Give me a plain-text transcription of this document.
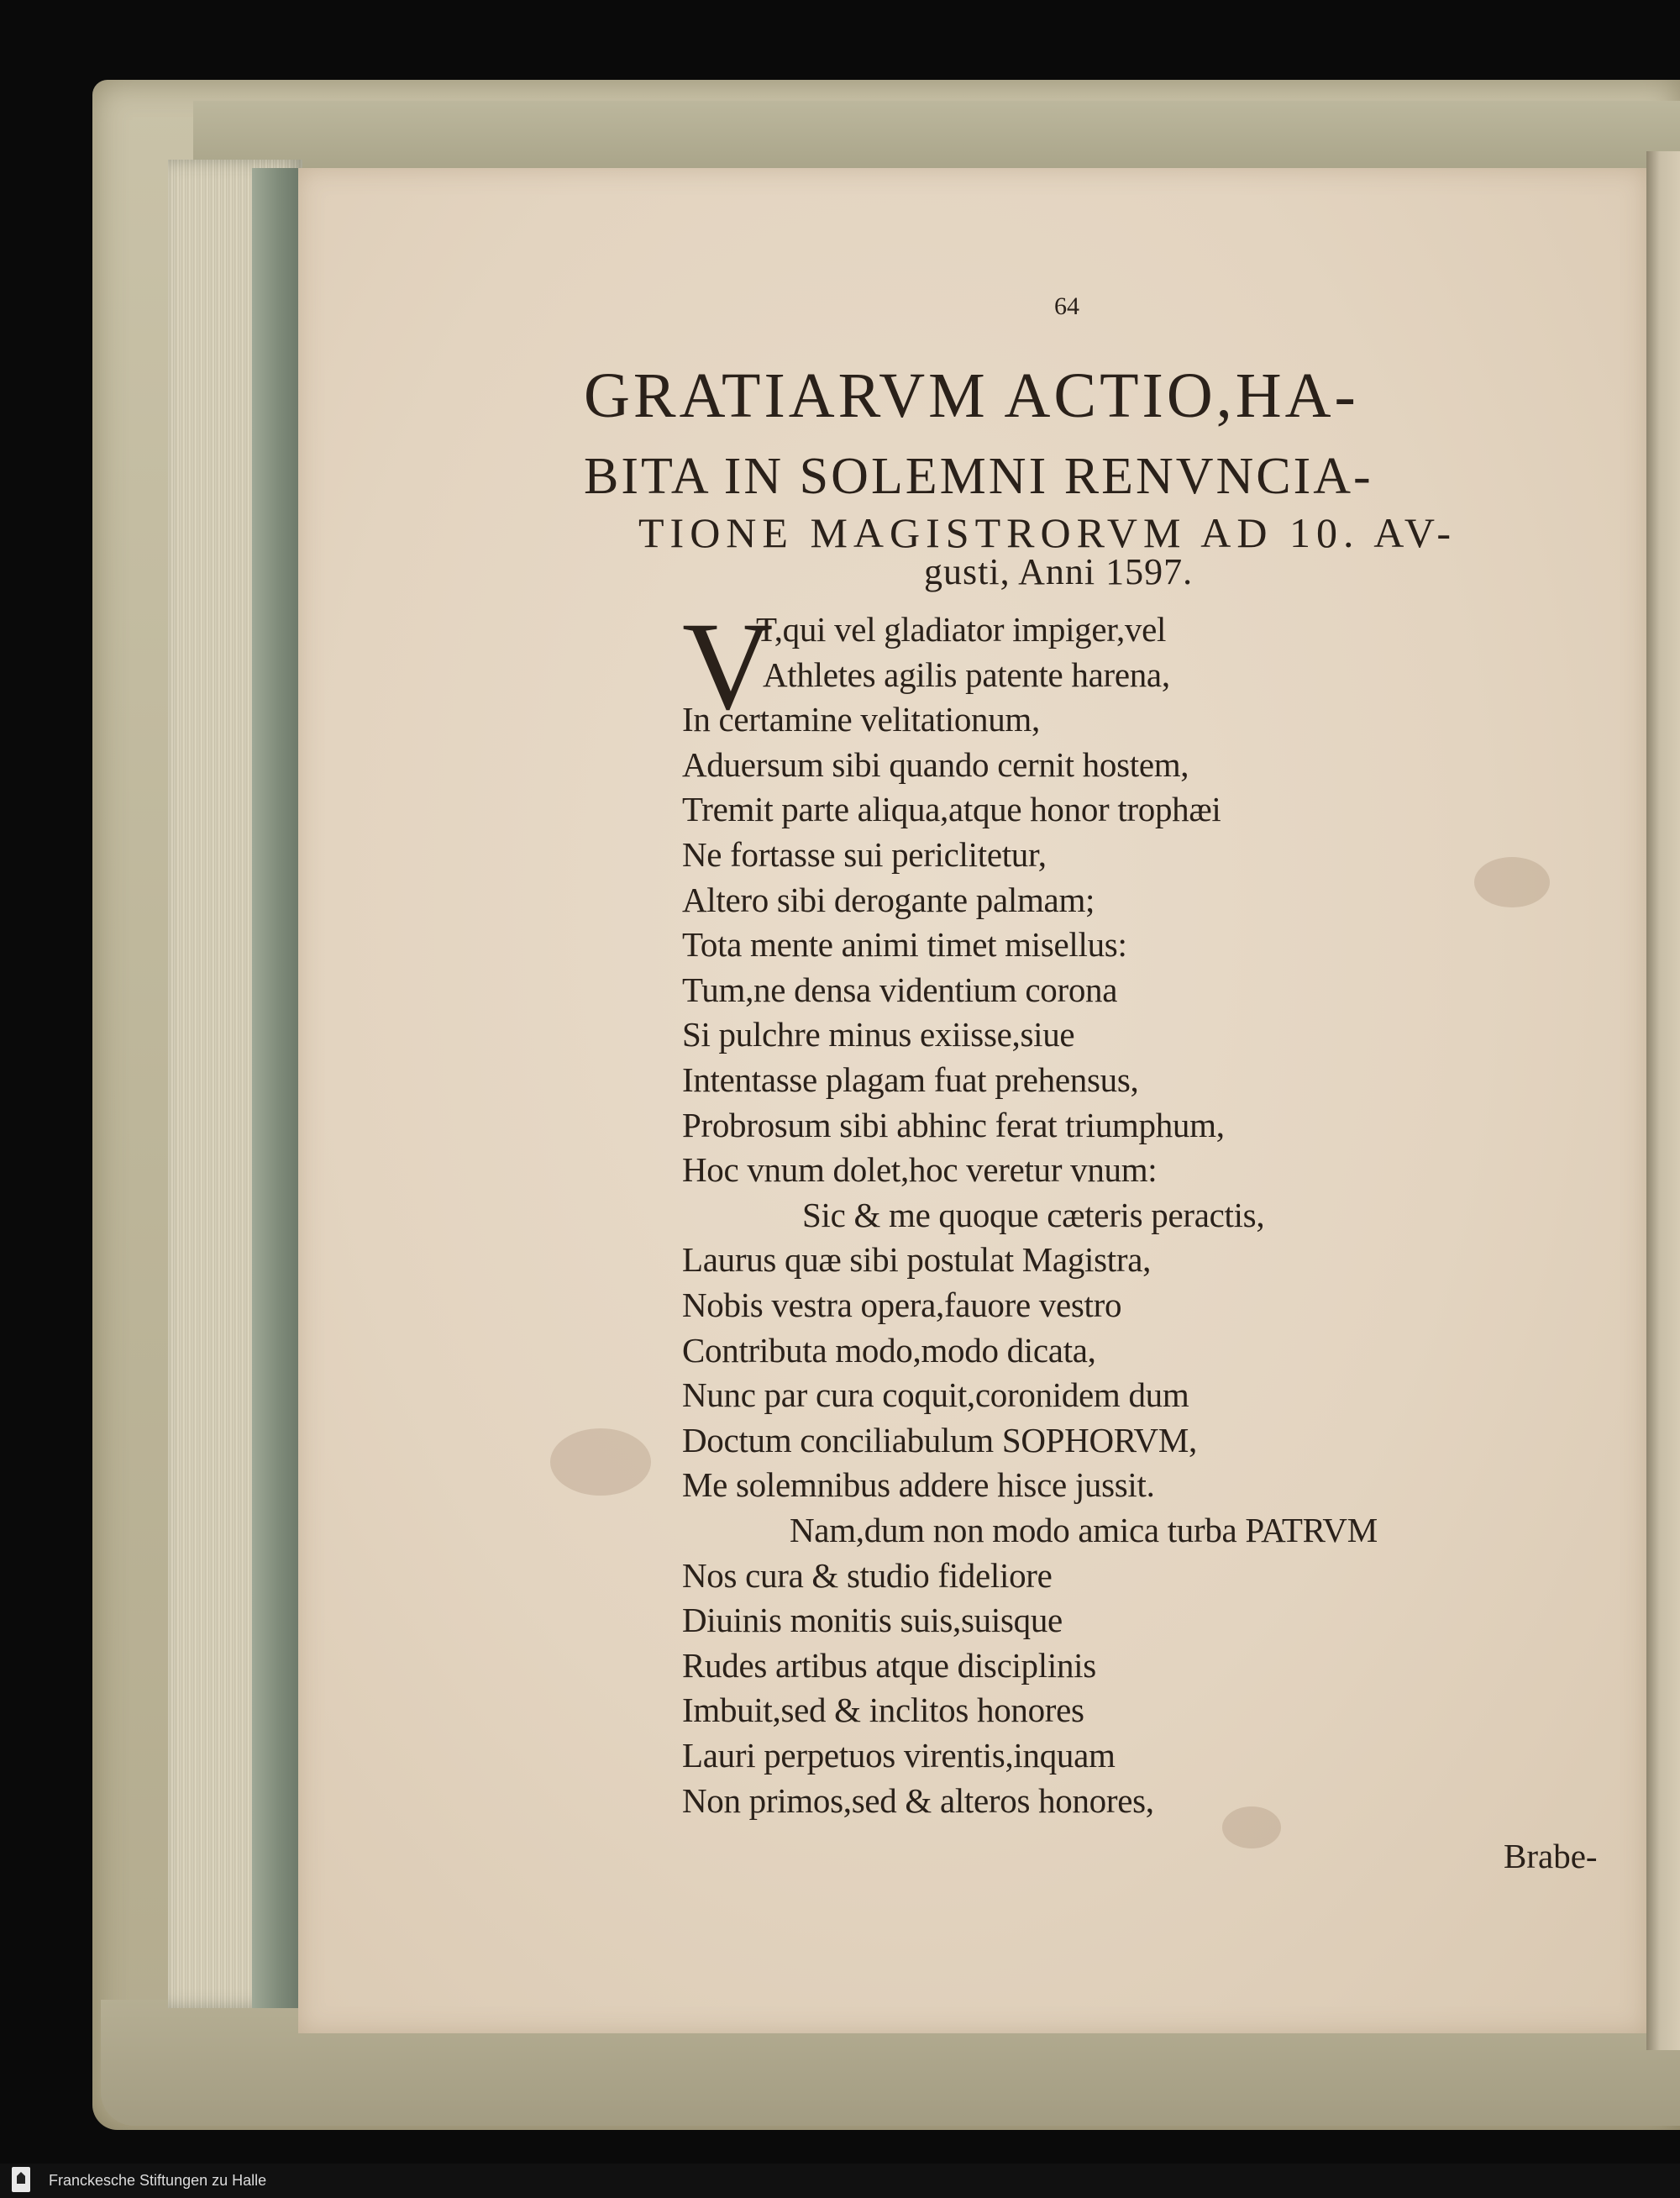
64
GRATIARVM ACTIO,HA-
BITA IN SOLEMNI RENVNCIA-
TIONE MAGISTRORVM AD 10. AV-
gusti, Anni 1597.
V
T,qui vel gladiator impiger,vel
Athletes agilis patente harena,
In certamine velitationum,
Aduersum sibi quando cernit hostem,
Tremit parte aliqua,atque honor trophæi
Ne fortasse sui periclitetur,
Altero sibi derogante palmam;
Tota mente animi timet misellus:
Tum,ne densa videntium corona
Si pulchre minus exiisse,siue
Intentasse plagam fuat prehensus,
Probrosum sibi abhinc ferat triumphum,
Hoc vnum dolet,hoc veretur vnum:
Sic & me quoque cæteris peractis,
Laurus quæ sibi postulat Magistra,
Nobis vestra opera,fauore vestro
Contributa modo,modo dicata,
Nunc par cura coquit,coronidem dum
Doctum conciliabulum SOPHORVM,
Me solemnibus addere hisce jussit.
Nam,dum non modo amica turba PATRVM
Nos cura & studio fideliore
Diuinis monitis suis,suisque
Rudes artibus atque disciplinis
Imbuit,sed & inclitos honores
Lauri perpetuos virentis,inquam
Non primos,sed & alteros honores,
Brabe-
Franckesche Stiftungen zu Halle
